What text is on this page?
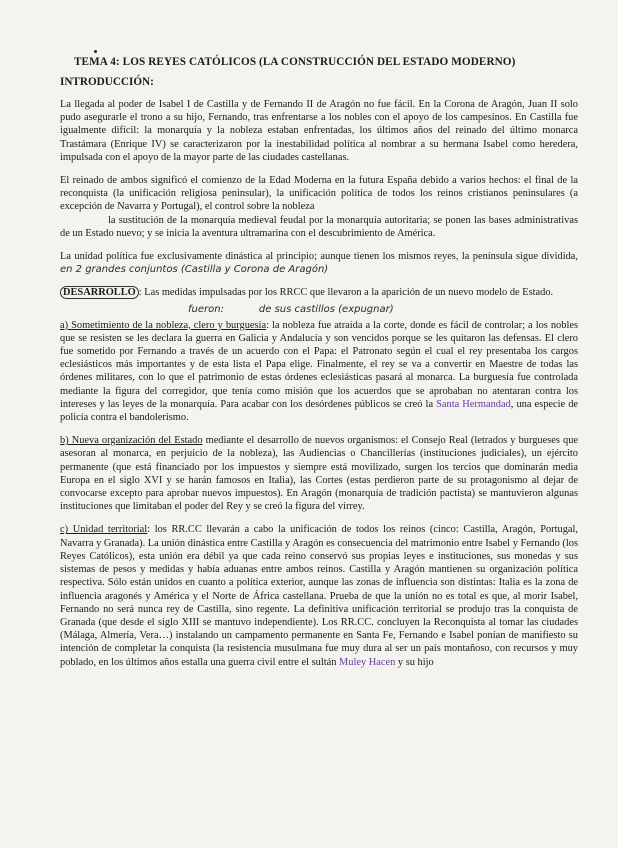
TEMA 4: LOS REYES CATÓLICOS (LA CONSTRUCCIÓN DEL ESTADO MODERNO)
INTRODUCCIÓN:

La llegada al poder de Isabel I de Castilla y de Fernando II de Aragón no fue fácil. En la Corona de Aragón, Juan II solo pudo asegurarle el trono a su hijo, Fernando, tras enfrentarse a los nobles con el apoyo de los campesinos. En Castilla fue igualmente difícil: la monarquía y la nobleza estaban enfrentadas, los últimos años del reinado del último monarca Trastámara (Enrique IV) se caracterizaron por la inestabilidad política al nombrar a su hermana Isabel como heredera, impulsada con el apoyo de la mayor parte de las ciudades castellanas.

El reinado de ambos significó el comienzo de la Edad Moderna en la futura España debido a varios hechos: el final de la reconquista (la unificación religiosa peninsular), la unificación política de todos los reinos cristianos peninsulares (a excepción de Navarra y Portugal), el control sobre la nobleza
la sustitución de la monarquía medieval feudal por la monarquía autoritaria; se ponen las bases administrativas de un Estado nuevo; y se inicia la aventura ultramarina con el descubrimiento de América.

La unidad política fue exclusivamente dinástica al principio; aunque tienen los mismos reyes, la península sigue dividida, en 2 grandes conjuntos (Castilla y Corona de Aragón)

DESARROLLO : Las medidas impulsadas por los RRCC que llevaron a la aparición de un nuevo modelo de Estado.

fueron:	de sus castillos (expugnar)

a) Sometimiento de la nobleza, clero y burguesía: la nobleza fue atraída a la corte, donde es fácil de controlar; a los nobles que se resisten se les declara la guerra en Galicia y Andalucía y son vencidos porque se les quitaron las defensas. El clero fue sometido por Fernando a través de un acuerdo con el Papa: el Patronato según el cual el rey presentaba los cargos eclesiásticos más importantes y de esta lista el Papa elige. Finalmente, el rey se va a convertir en Maestre de todas las órdenes militares, con lo que el patrimonio de estas órdenes eclesiásticas pasará al monarca. La burguesía fue controlada mediante la figura del corregidor, que tenía como misión que los acuerdos que se aprobaban no atentaran contra los intereses y las leyes de la monarquía. Para acabar con los desórdenes públicos se creó la Santa Hermandad, una especie de policía contra el bandolerismo.

b) Nueva organización del Estado mediante el desarrollo de nuevos organismos: el Consejo Real (letrados y burgueses que asesoran al monarca, en perjuicio de la nobleza), las Audiencias o Chancillerías (instituciones judiciales), un ejército permanente (que está financiado por los impuestos y siempre está movilizado, surgen los tercios que dominarán media Europa en el siglo XVI y se harán famosos en Italia), las Cortes (estas perdieron parte de su protagonismo al dejar de convocarse excepto para aprobar nuevos impuestos). En Aragón (monarquía de tradición pactista) se mantuvieron algunas instituciones que limitaban el poder del Rey y se creó la figura del virrey.

c) Unidad territorial: los RR.CC llevarán a cabo la unificación de todos los reinos (cinco: Castilla, Aragón, Portugal, Navarra y Granada). La unión dinástica entre Castilla y Aragón es consecuencia del matrimonio entre Isabel y Fernando (los Reyes Católicos), esta unión era débil ya que cada reino conservó sus propias leyes e instituciones, sus monedas y sus sistemas de pesos y medidas y había aduanas entre ambos reinos. Castilla y Aragón mantienen su organización política respectiva. Sólo están unidos en cuanto a política exterior, aunque las zonas de influencia son distintas: Italia es la zona de influencia aragonés y América y el Norte de África castellana. Prueba de que la unión no es total es que, al morir Isabel, Fernando no será nunca rey de Castilla, sino regente. La definitiva unificación territorial se produjo tras la conquista de Granada (que desde el siglo XIII se mantuvo independiente). Los RR.CC. concluyen la Reconquista al tomar las ciudades (Málaga, Almería, Vera…) instalando un campamento permanente en Santa Fe, Fernando e Isabel ponían de manifiesto su intención de completar la conquista (la resistencia musulmana fue muy dura al ser un país montañoso, con recursos y muy poblado, en los últimos años estalla una guerra civil entre el sultán Muley Hacen y su hijo
